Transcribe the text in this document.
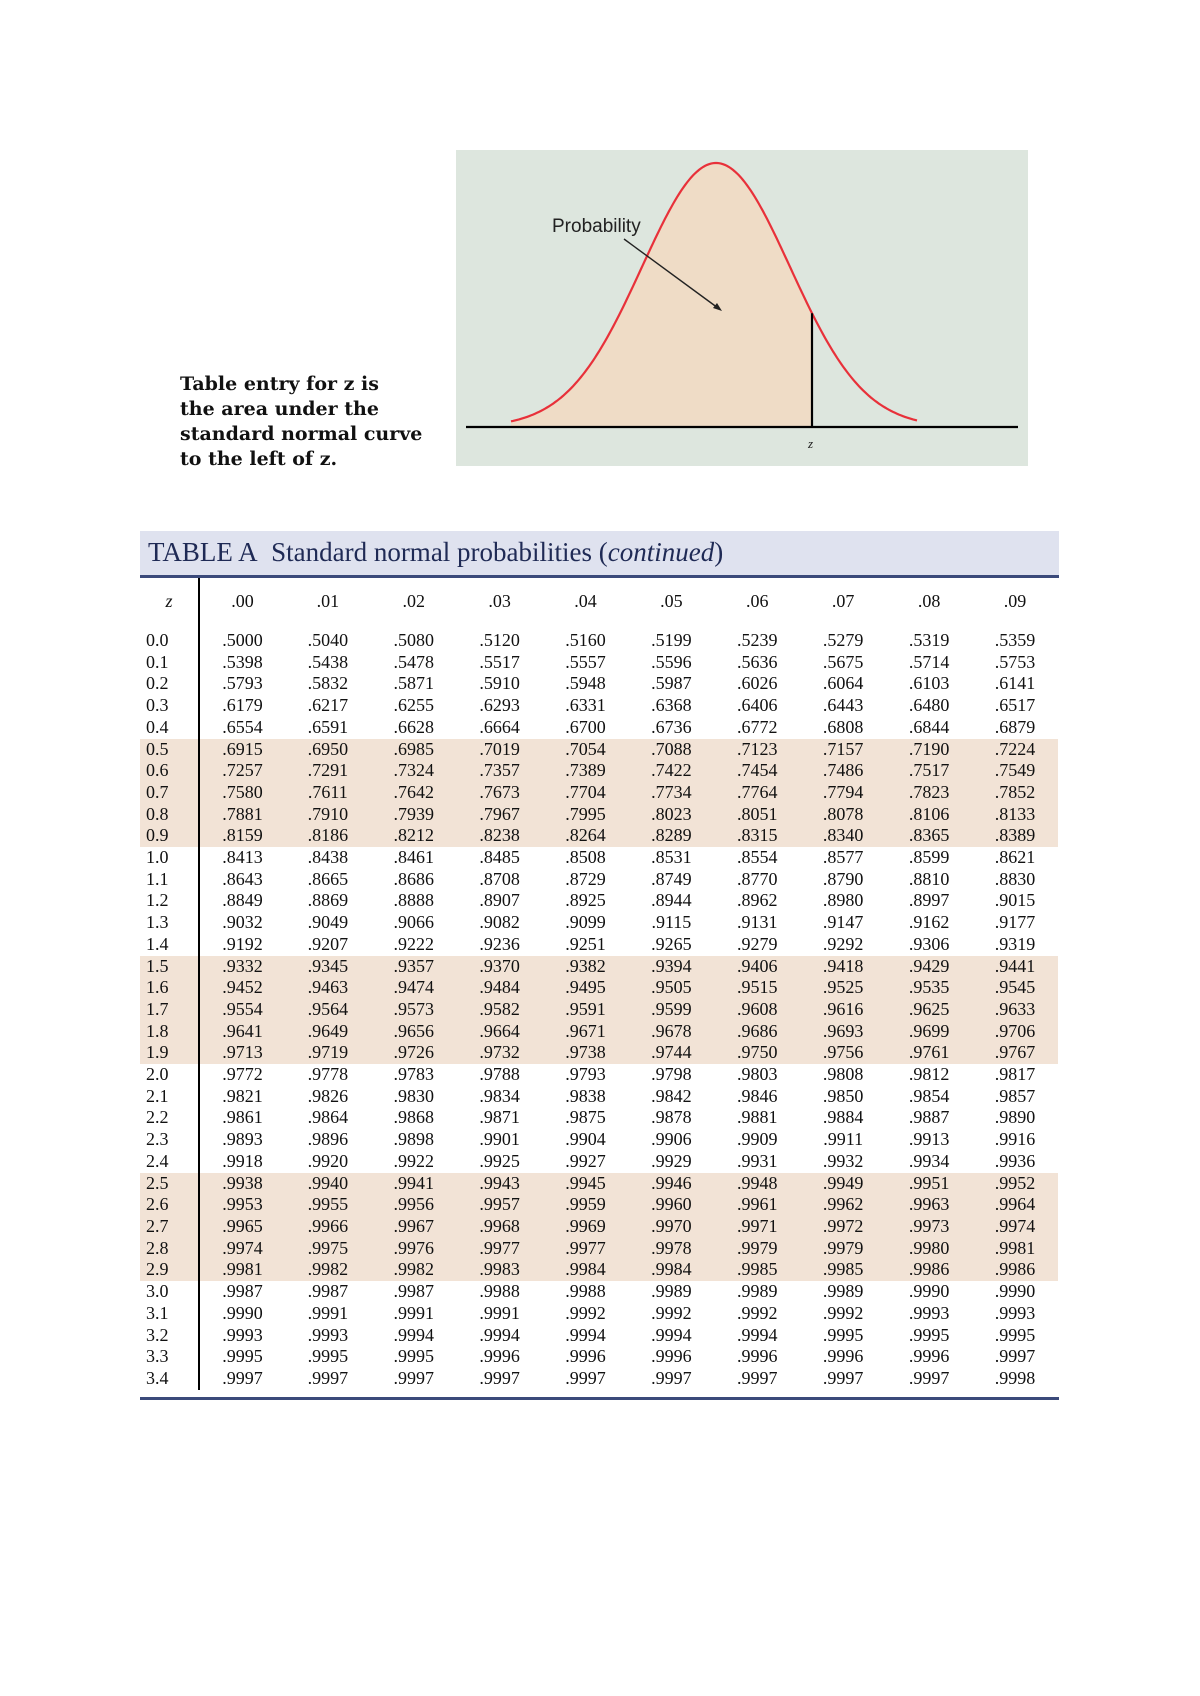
Table entry for z is
the area under the
standard normal curve
to the left of z.
Probability
z
TABLE A Standard normal probabilities (continued)
z	.00	.01	.02	.03	.04	.05	.06	.07	.08	.09
0.0	.5000	.5040	.5080	.5120	.5160	.5199	.5239	.5279	.5319	.5359
0.1	.5398	.5438	.5478	.5517	.5557	.5596	.5636	.5675	.5714	.5753
0.2	.5793	.5832	.5871	.5910	.5948	.5987	.6026	.6064	.6103	.6141
0.3	.6179	.6217	.6255	.6293	.6331	.6368	.6406	.6443	.6480	.6517
0.4	.6554	.6591	.6628	.6664	.6700	.6736	.6772	.6808	.6844	.6879
0.5	.6915	.6950	.6985	.7019	.7054	.7088	.7123	.7157	.7190	.7224
0.6	.7257	.7291	.7324	.7357	.7389	.7422	.7454	.7486	.7517	.7549
0.7	.7580	.7611	.7642	.7673	.7704	.7734	.7764	.7794	.7823	.7852
0.8	.7881	.7910	.7939	.7967	.7995	.8023	.8051	.8078	.8106	.8133
0.9	.8159	.8186	.8212	.8238	.8264	.8289	.8315	.8340	.8365	.8389
1.0	.8413	.8438	.8461	.8485	.8508	.8531	.8554	.8577	.8599	.8621
1.1	.8643	.8665	.8686	.8708	.8729	.8749	.8770	.8790	.8810	.8830
1.2	.8849	.8869	.8888	.8907	.8925	.8944	.8962	.8980	.8997	.9015
1.3	.9032	.9049	.9066	.9082	.9099	.9115	.9131	.9147	.9162	.9177
1.4	.9192	.9207	.9222	.9236	.9251	.9265	.9279	.9292	.9306	.9319
1.5	.9332	.9345	.9357	.9370	.9382	.9394	.9406	.9418	.9429	.9441
1.6	.9452	.9463	.9474	.9484	.9495	.9505	.9515	.9525	.9535	.9545
1.7	.9554	.9564	.9573	.9582	.9591	.9599	.9608	.9616	.9625	.9633
1.8	.9641	.9649	.9656	.9664	.9671	.9678	.9686	.9693	.9699	.9706
1.9	.9713	.9719	.9726	.9732	.9738	.9744	.9750	.9756	.9761	.9767
2.0	.9772	.9778	.9783	.9788	.9793	.9798	.9803	.9808	.9812	.9817
2.1	.9821	.9826	.9830	.9834	.9838	.9842	.9846	.9850	.9854	.9857
2.2	.9861	.9864	.9868	.9871	.9875	.9878	.9881	.9884	.9887	.9890
2.3	.9893	.9896	.9898	.9901	.9904	.9906	.9909	.9911	.9913	.9916
2.4	.9918	.9920	.9922	.9925	.9927	.9929	.9931	.9932	.9934	.9936
2.5	.9938	.9940	.9941	.9943	.9945	.9946	.9948	.9949	.9951	.9952
2.6	.9953	.9955	.9956	.9957	.9959	.9960	.9961	.9962	.9963	.9964
2.7	.9965	.9966	.9967	.9968	.9969	.9970	.9971	.9972	.9973	.9974
2.8	.9974	.9975	.9976	.9977	.9977	.9978	.9979	.9979	.9980	.9981
2.9	.9981	.9982	.9982	.9983	.9984	.9984	.9985	.9985	.9986	.9986
3.0	.9987	.9987	.9987	.9988	.9988	.9989	.9989	.9989	.9990	.9990
3.1	.9990	.9991	.9991	.9991	.9992	.9992	.9992	.9992	.9993	.9993
3.2	.9993	.9993	.9994	.9994	.9994	.9994	.9994	.9995	.9995	.9995
3.3	.9995	.9995	.9995	.9996	.9996	.9996	.9996	.9996	.9996	.9997
3.4	.9997	.9997	.9997	.9997	.9997	.9997	.9997	.9997	.9997	.9998
